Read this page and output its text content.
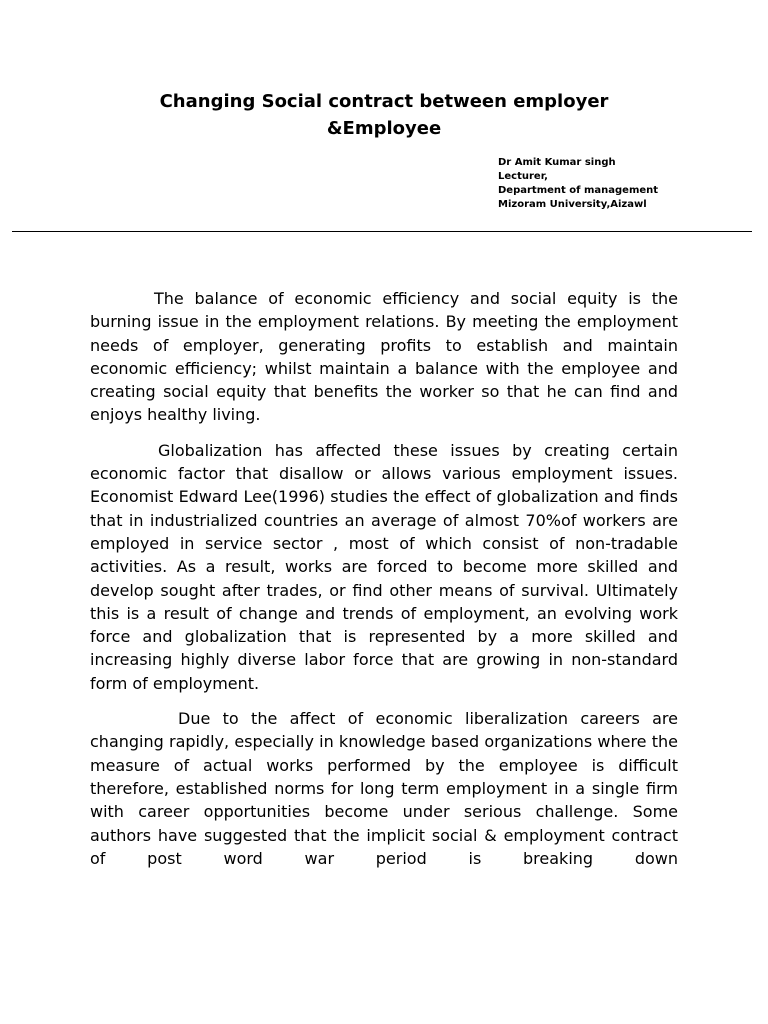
Changing Social contract between employer
&Employee
Dr Amit Kumar singh
Lecturer,
Department of management
Mizoram University,Aizawl

The balance of economic efficiency and social equity is the burning issue in the employment relations. By meeting the employment needs of employer, generating profits to establish and maintain economic efficiency; whilst maintain a balance with the employee and creating social equity that benefits the worker so that he can find and enjoys healthy living.

Globalization has affected these issues by creating certain economic factor that disallow or allows various employment issues. Economist Edward Lee(1996) studies the effect of globalization and finds that in industrialized countries an average of almost 70%of workers are employed in service sector , most of which consist of non-tradable activities. As a result, works are forced to become more skilled and develop sought after trades, or find other means of survival. Ultimately this is a result of change and trends of employment, an evolving work force and globalization that is represented by a more skilled and increasing highly diverse labor force that are growing in non-standard form of employment.

Due to the affect of economic liberalization careers are changing rapidly, especially in knowledge based organizations where the measure of actual works performed by the employee is difficult therefore, established norms for long term employment in a single firm with career opportunities become under serious challenge. Some authors have suggested that the implicit social & employment contract of post word war period is breaking down
